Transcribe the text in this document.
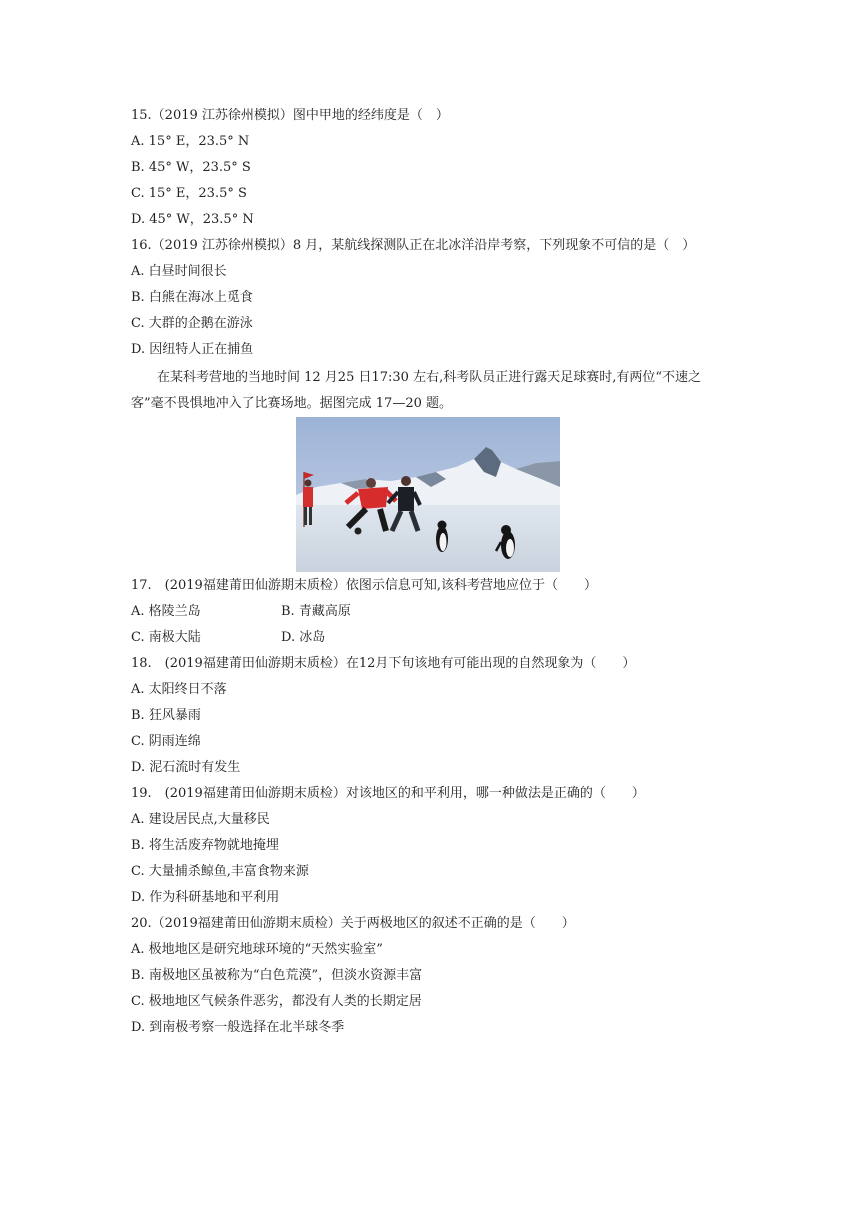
15.（2019 江苏徐州模拟）图中甲地的经纬度是（　）
A. 15° E，23.5° N
B. 45° W，23.5° S
C. 15° E，23.5° S
D. 45° W，23.5° N
16.（2019 江苏徐州模拟）8 月，某航线探测队正在北冰洋沿岸考察，下列现象不可信的是（　）
A. 白昼时间很长
B. 白熊在海冰上觅食
C. 大群的企鹅在游泳
D. 因纽特人正在捕鱼
在某科考营地的当地时间 12 月25 日17:30 左右,科考队员正进行露天足球赛时,有两位“不速之
客”毫不畏惧地冲入了比赛场地。据图完成 17—20 题。
17.　(2019福建莆田仙游期末质检）依图示信息可知,该科考营地应位于（　　）
A. 格陵兰岛	B. 青藏高原
C. 南极大陆	D. 冰岛
18.　(2019福建莆田仙游期末质检）在12月下旬该地有可能出现的自然现象为（　　）
A. 太阳终日不落
B. 狂风暴雨
C. 阴雨连绵
D. 泥石流时有发生
19.　(2019福建莆田仙游期末质检）对该地区的和平利用，哪一种做法是正确的（　　）
A. 建设居民点,大量移民
B. 将生活废弃物就地掩埋
C. 大量捕杀鲸鱼,丰富食物来源
D. 作为科研基地和平利用
20.（2019福建莆田仙游期末质检）关于两极地区的叙述不正确的是（　　）
A. 极地地区是研究地球环境的“天然实验室”
B. 南极地区虽被称为“白色荒漠”，但淡水资源丰富
C. 极地地区气候条件恶劣，都没有人类的长期定居
D. 到南极考察一般选择在北半球冬季
